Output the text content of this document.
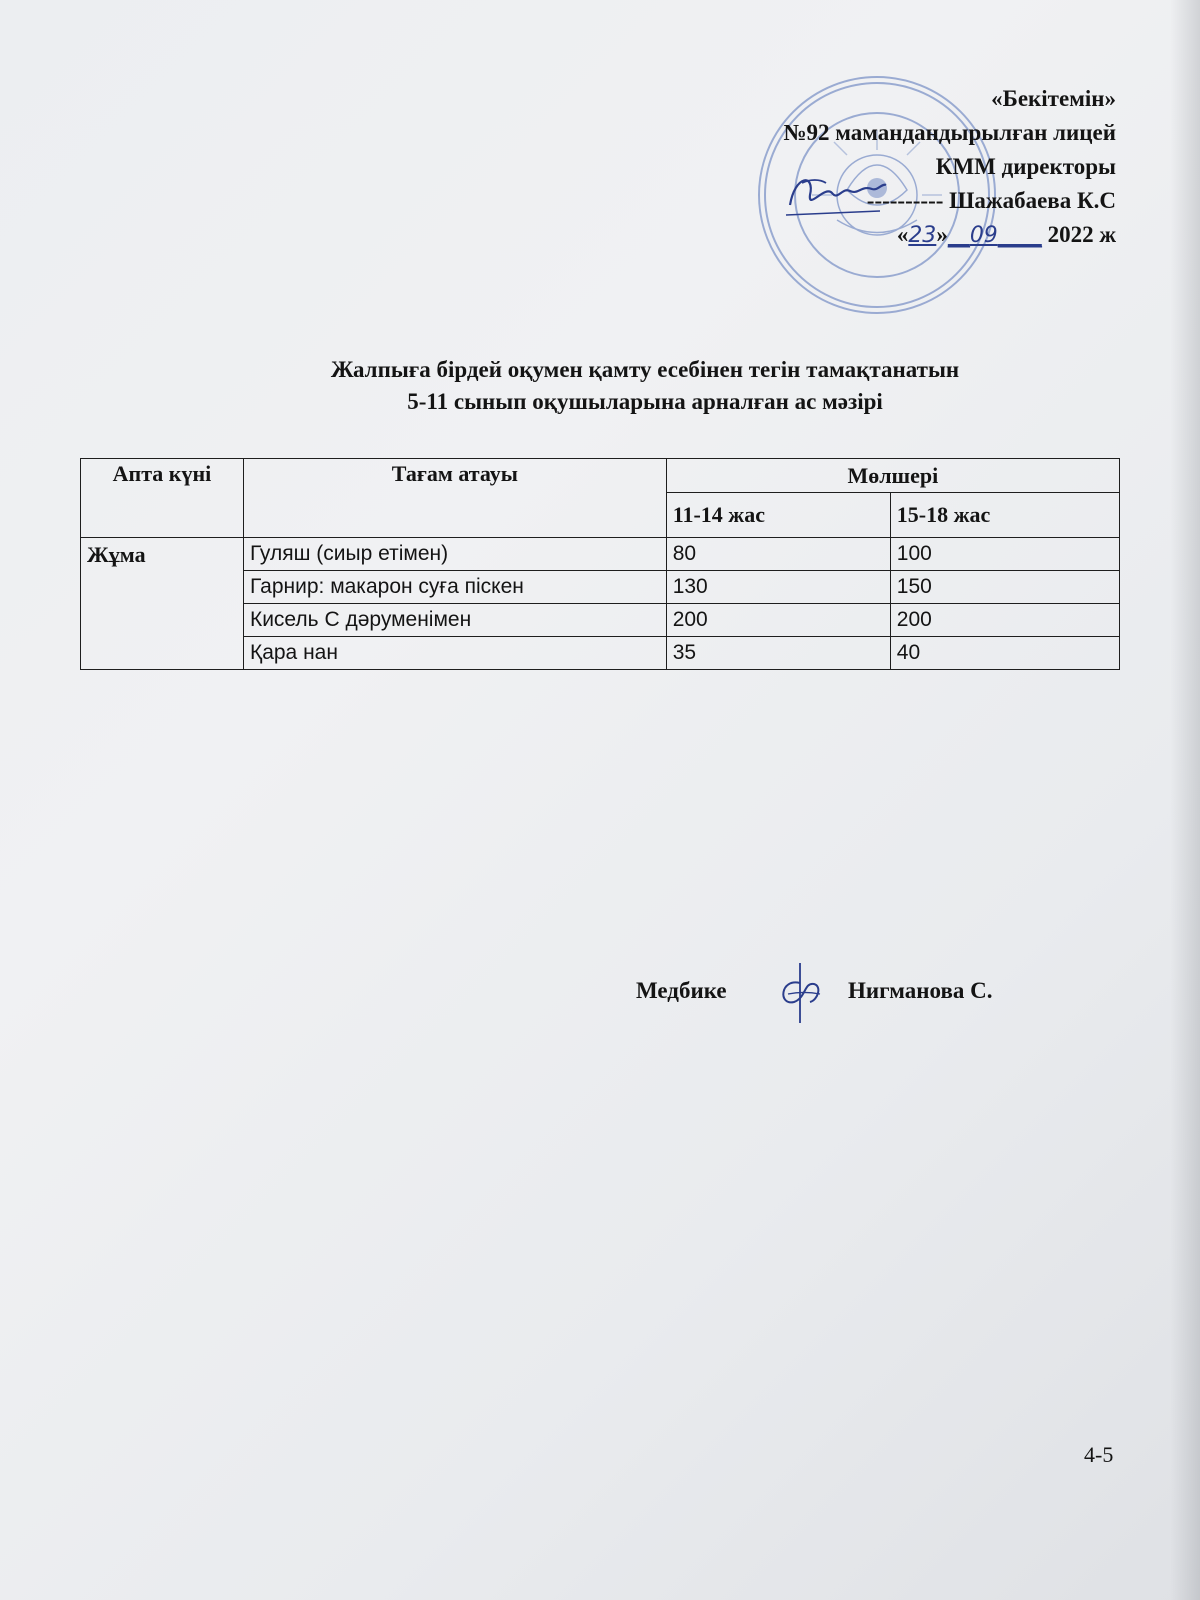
«Бекітемін»
№92 мамандандырылған лицей
КММ директоры
---------- Шажабаева К.С
«23»__09____ 2022 ж
Жалпыға бірдей оқумен қамту есебінен тегін тамақтанатын
5-11 сынып оқушыларына арналған ас мәзірі
Апта күні	Тағам атауы	Мөлшері	
		11-14 жас	15-18 жас
Жұма	Гуляш (сиыр етімен)	80	100
	Гарнир: макарон суға піскен	130	150
	Кисель С дәруменімен	200	200
	Қара нан	35	40
Медбике	Нигманова С.
4-5
